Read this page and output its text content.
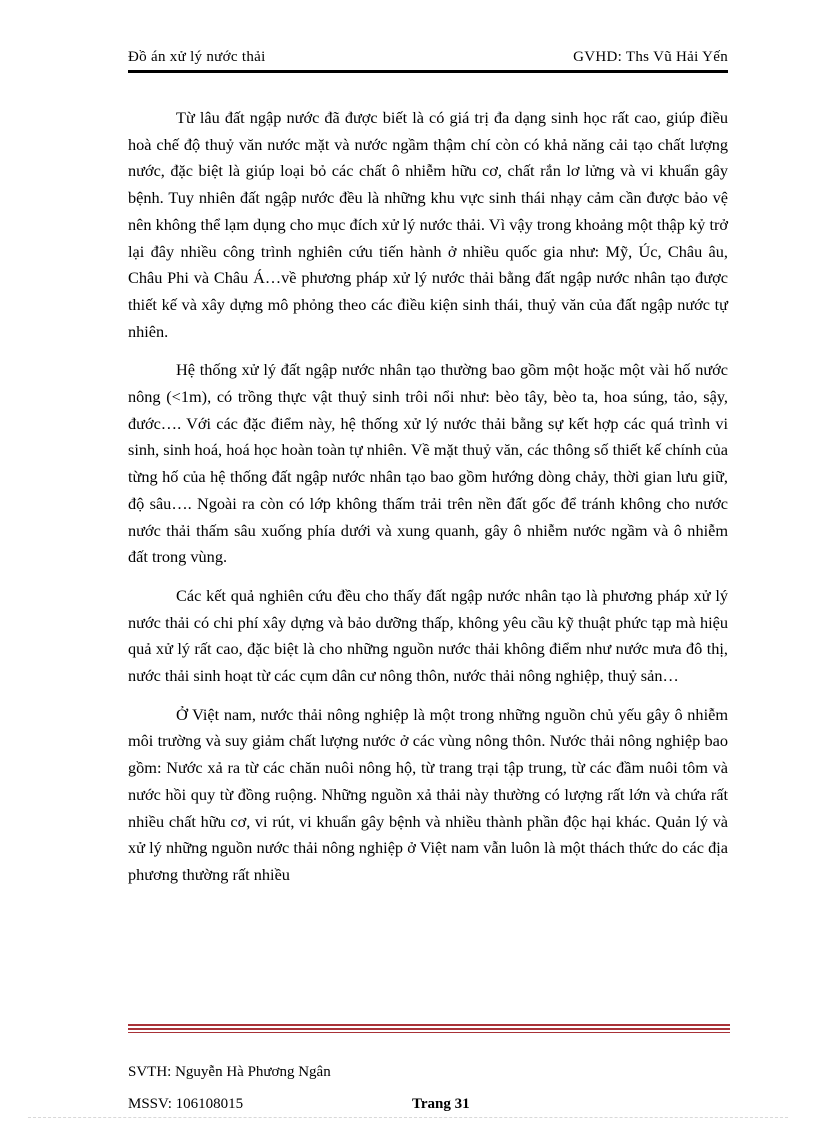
Đồ án xử lý nước thải	GVHD: Ths Vũ Hải Yến

Từ lâu đất ngập nước đã được biết là có giá trị đa dạng sinh học rất cao, giúp điều hoà chế độ thuỷ văn nước mặt và nước ngầm thậm chí còn có khả năng cải tạo chất lượng nước, đặc biệt là giúp loại bỏ các chất ô nhiễm hữu cơ, chất rắn lơ lửng và vi khuẩn gây bệnh. Tuy nhiên đất ngập nước đều là những khu vực sinh thái nhạy cảm cần được bảo vệ nên không thể lạm dụng cho mục đích xử lý nước thải. Vì vậy trong khoảng một thập kỷ trở lại đây nhiều công trình nghiên cứu tiến hành ở nhiều quốc gia như: Mỹ, Úc, Châu âu, Châu Phi và Châu Á…về phương pháp xử lý nước thải bằng đất ngập nước nhân tạo được thiết kế và xây dựng mô phỏng theo các điều kiện sinh thái, thuỷ văn của đất ngập nước tự nhiên.

Hệ thống xử lý đất ngập nước nhân tạo thường bao gồm một hoặc một vài hố nước nông (<1m), có trồng thực vật thuỷ sinh trôi nổi như: bèo tây, bèo ta, hoa súng, tảo, sậy, đước…. Với các đặc điểm này, hệ thống xử lý nước thải bằng sự kết hợp các quá trình vi sinh, sinh hoá, hoá học hoàn toàn tự nhiên. Về mặt thuỷ văn, các thông số thiết kế chính của từng hố của hệ thống đất ngập nước nhân tạo bao gồm hướng dòng chảy, thời gian lưu giữ, độ sâu…. Ngoài ra còn có lớp không thấm trải trên nền đất gốc để tránh không cho nước nước thải thấm sâu xuống phía dưới và xung quanh, gây ô nhiễm nước ngầm và ô nhiễm đất trong vùng.

Các kết quả nghiên cứu đều cho thấy đất ngập nước nhân tạo là phương pháp xử lý nước thải có chi phí xây dựng và bảo dưỡng thấp, không yêu cầu kỹ thuật phức tạp mà hiệu quả xử lý rất cao, đặc biệt là cho những nguồn nước thải không điểm như nước mưa đô thị, nước thải sinh hoạt từ các cụm dân cư nông thôn, nước thải nông nghiệp, thuỷ sản…

Ở Việt nam, nước thải nông nghiệp là một trong những nguồn chủ yếu gây ô nhiễm môi trường và suy giảm chất lượng nước ở các vùng nông thôn. Nước thải nông nghiệp bao gồm: Nước xả ra từ các chăn nuôi nông hộ, từ trang trại tập trung, từ các đầm nuôi tôm và nước hồi quy từ đồng ruộng. Những nguồn xả thải này thường có lượng rất lớn và chứa rất nhiều chất hữu cơ, vi rút, vi khuẩn gây bệnh và nhiều thành phần độc hại khác. Quản lý và xử lý những nguồn nước thải nông nghiệp ở Việt nam vẫn luôn là một thách thức do các địa phương thường rất nhiều

SVTH: Nguyễn Hà Phương Ngân
MSSV: 106108015	Trang 31
